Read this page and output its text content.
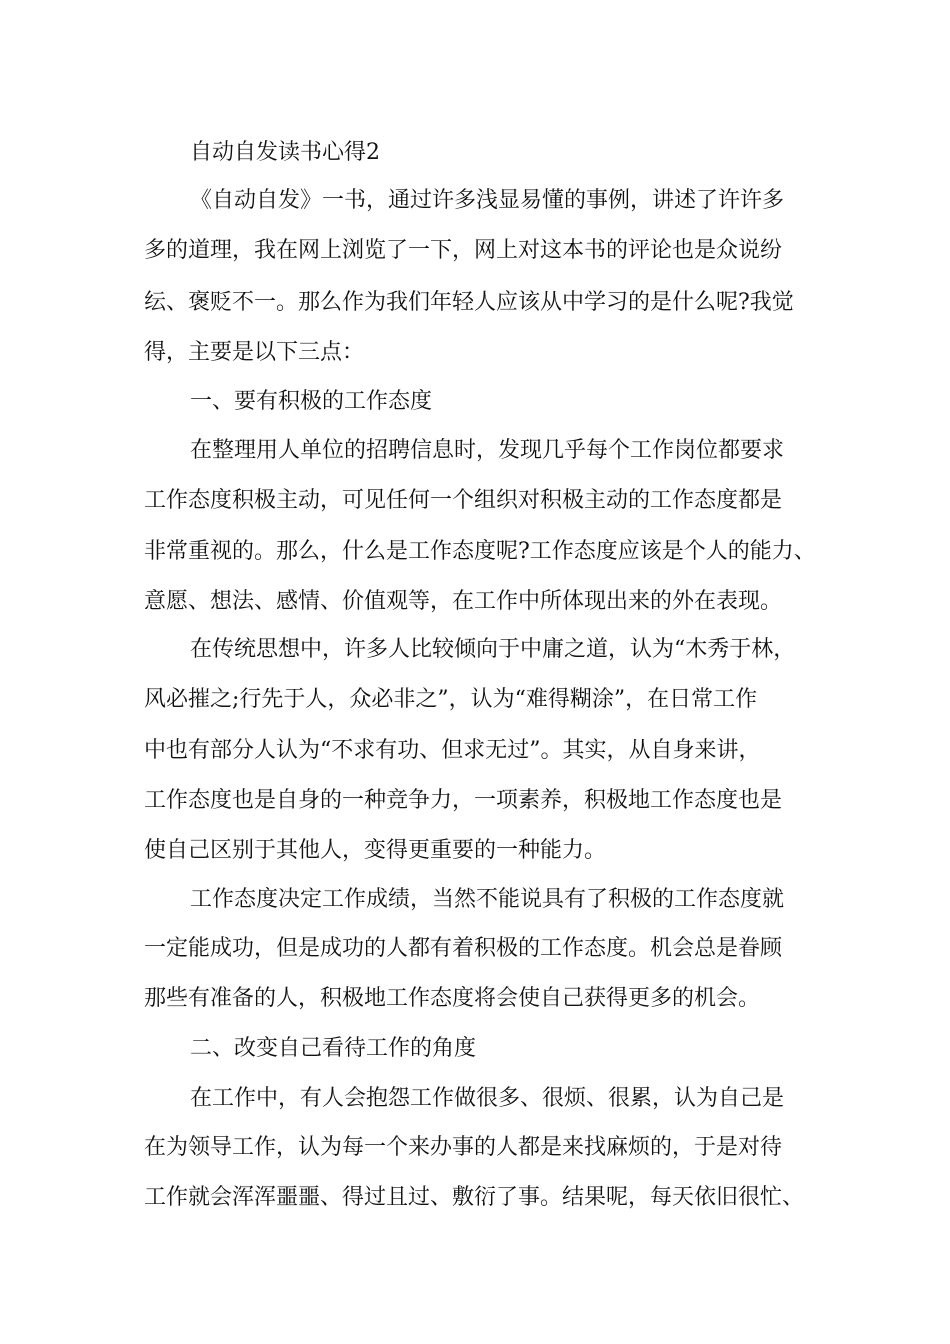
自动自发读书心得2
《自动自发》一书，通过许多浅显易懂的事例，讲述了许许多
多的道理，我在网上浏览了一下，网上对这本书的评论也是众说纷
纭、褒贬不一。那么作为我们年轻人应该从中学习的是什么呢?我觉
得，主要是以下三点：
一、要有积极的工作态度
在整理用人单位的招聘信息时，发现几乎每个工作岗位都要求
工作态度积极主动，可见任何一个组织对积极主动的工作态度都是
非常重视的。那么，什么是工作态度呢?工作态度应该是个人的能力、
意愿、想法、感情、价值观等，在工作中所体现出来的外在表现。
在传统思想中，许多人比较倾向于中庸之道，认为“木秀于林，
风必摧之;行先于人，众必非之”，认为“难得糊涂”，在日常工作
中也有部分人认为“不求有功、但求无过”。其实，从自身来讲，
工作态度也是自身的一种竞争力，一项素养，积极地工作态度也是
使自己区别于其他人，变得更重要的一种能力。
工作态度决定工作成绩，当然不能说具有了积极的工作态度就
一定能成功，但是成功的人都有着积极的工作态度。机会总是眷顾
那些有准备的人，积极地工作态度将会使自己获得更多的机会。
二、改变自己看待工作的角度
在工作中，有人会抱怨工作做很多、很烦、很累，认为自己是
在为领导工作，认为每一个来办事的人都是来找麻烦的，于是对待
工作就会浑浑噩噩、得过且过、敷衍了事。结果呢，每天依旧很忙、
